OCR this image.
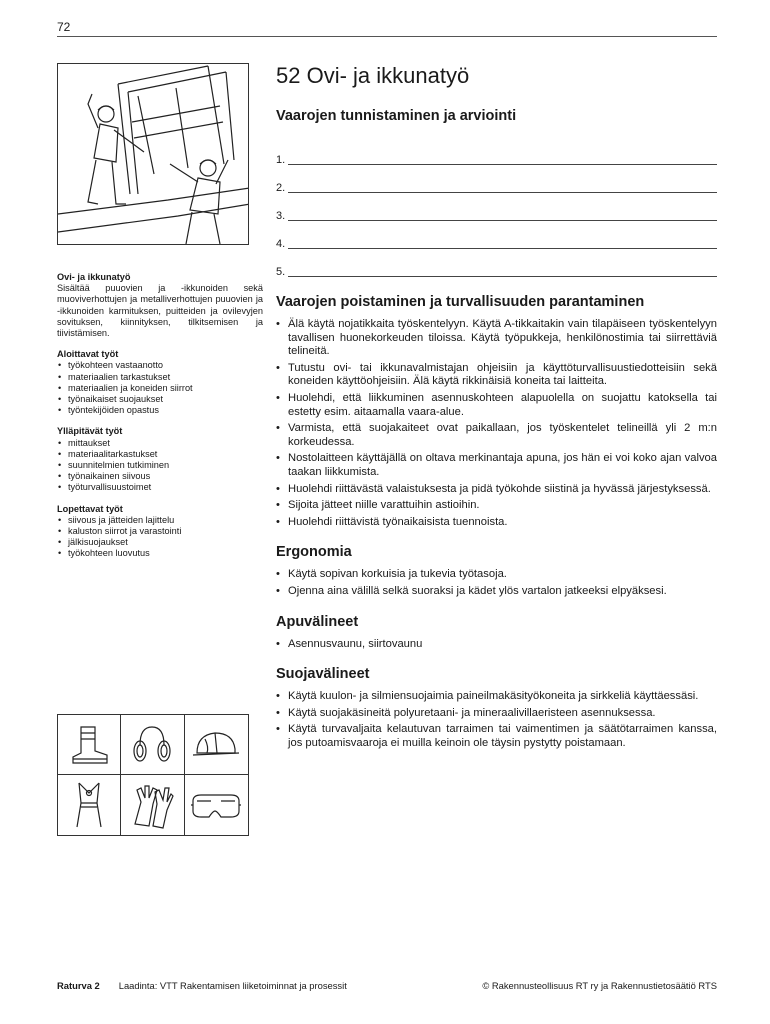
72
Ovi- ja ikkunatyö

Sisältää puuovien ja -ikkunoiden sekä muoviverhottujen ja metalliverhottujen puuovien ja -ikkunoiden karmituksen, puitteiden ja ovilevyjen sovituksen, kiinnityksen, tilkitsemisen ja tiivistämisen.

Aloittavat työt
• työkohteen vastaanotto
• materiaalien tarkastukset
• materiaalien ja koneiden siirrot
• työnaikaiset suojaukset
• työntekijöiden opastus
Ylläpitävät työt
• mittaukset
• materiaalitarkastukset
• suunnitelmien tutkiminen
• työnaikainen siivous
• työturvallisuustoimet
Lopettavat työt
• siivous ja jätteiden lajittelu
• kaluston siirrot ja varastointi
• jälkisuojaukset
• työkohteen luovutus
52 Ovi- ja ikkunatyö
Vaarojen tunnistaminen ja arviointi
1.
2.
3.
4.
5.
Vaarojen poistaminen ja turvallisuuden parantaminen
• Älä käytä nojatikkaita työskentelyyn. Käytä A-tikkaitakin vain tilapäiseen työskentelyyn tavallisen huonekorkeuden tiloissa. Käytä työpukkeja, henkilönostimia tai siirrettäviä telineitä.
• Tutustu ovi- tai ikkunavalmistajan ohjeisiin ja käyttöturvallisuustiedotteisiin sekä koneiden käyttöohjeisiin. Älä käytä rikkinäisiä koneita tai laitteita.
• Huolehdi, että liikkuminen asennuskohteen alapuolella on suojattu katoksella tai estetty esim. aitaamalla vaara-alue.
• Varmista, että suojakaiteet ovat paikallaan, jos työskentelet telineillä yli 2 m:n korkeudessa.
• Nostolaitteen käyttäjällä on oltava merkinantaja apuna, jos hän ei voi koko ajan valvoa taakan liikkumista.
• Huolehdi riittävästä valaistuksesta ja pidä työkohde siistinä ja hyvässä järjestyksessä.
• Sijoita jätteet niille varattuihin astioihin.
• Huolehdi riittävistä työnaikaisista tuennoista.
Ergonomia
• Käytä sopivan korkuisia ja tukevia työtasoja.
• Ojenna aina välillä selkä suoraksi ja kädet ylös vartalon jatkeeksi elpyäksesi.
Apuvälineet
• Asennusvaunu, siirtovaunu
Suojavälineet
• Käytä kuulon- ja silmiensuojaimia paineilmakäsityökoneita ja sirkkeliä käyttäessäsi.
• Käytä suojakäsineitä polyuretaani- ja mineraalivillaeristeen asennuksessa.
• Käytä turvavaljaita kelautuvan tarraimen tai vaimentimen ja säätötarraimen kanssa, jos putoamisvaaroja ei muilla keinoin ole täysin pystytty poistamaan.
Raturva 2 Laadinta: VTT Rakentamisen liiketoiminnat ja prosessit	© Rakennusteollisuus RT ry ja Rakennustietosäätiö RTS
